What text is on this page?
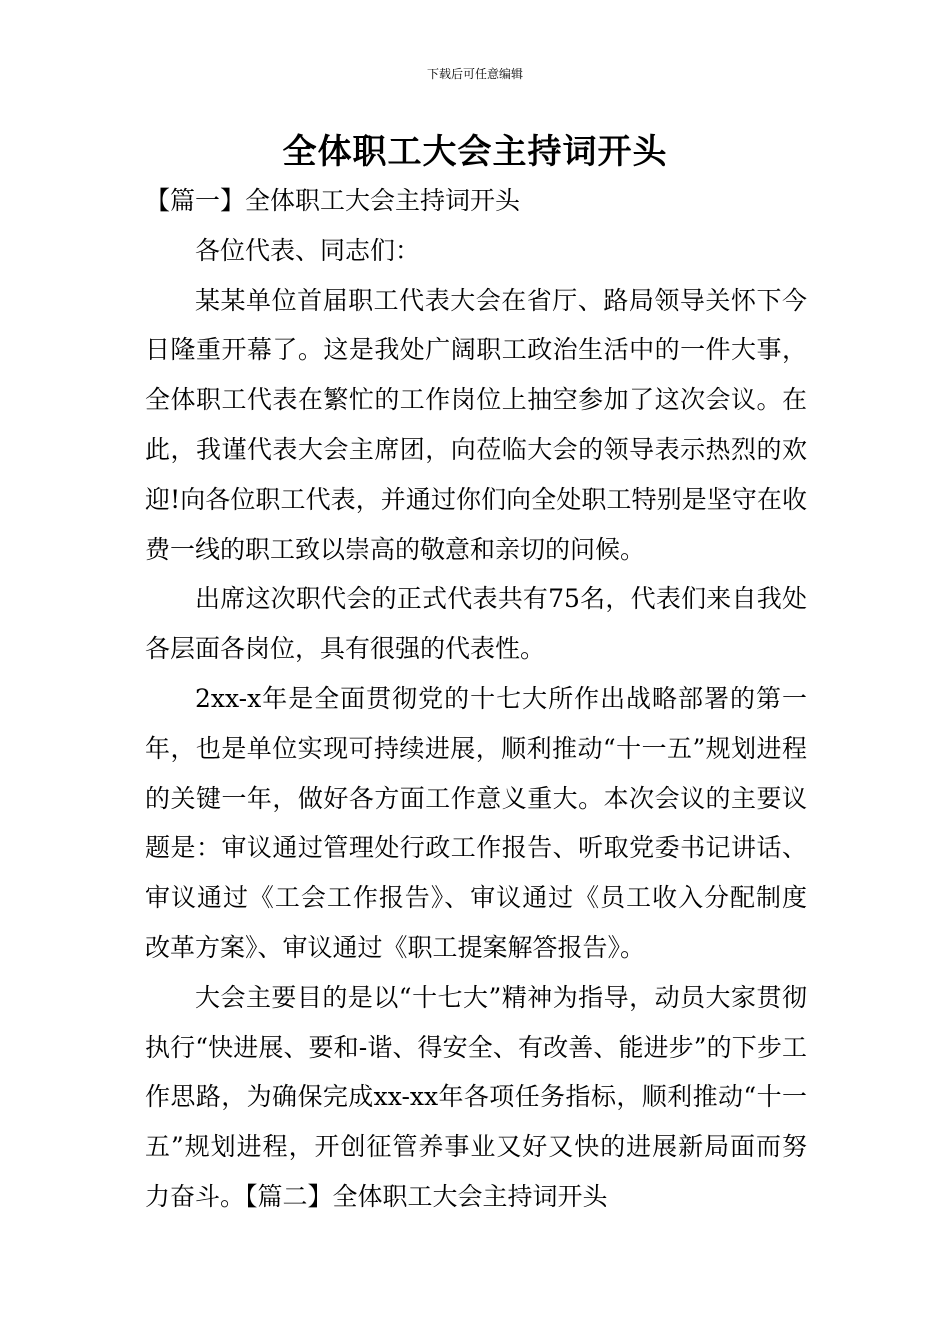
下载后可任意编辑
全体职工大会主持词开头

【篇一】全体职工大会主持词开头

各位代表、同志们：

某某单位首届职工代表大会在省厅、路局领导关怀下今日隆重开幕了。这是我处广阔职工政治生活中的一件大事，全体职工代表在繁忙的工作岗位上抽空参加了这次会议。在此，我谨代表大会主席团，向莅临大会的领导表示热烈的欢迎!向各位职工代表，并通过你们向全处职工特别是坚守在收费一线的职工致以崇高的敬意和亲切的问候。

出席这次职代会的正式代表共有75名，代表们来自我处各层面各岗位，具有很强的代表性。

2xx-x年是全面贯彻党的十七大所作出战略部署的第一年，也是单位实现可持续进展，顺利推动“十一五”规划进程的关键一年，做好各方面工作意义重大。本次会议的主要议题是：审议通过管理处行政工作报告、听取党委书记讲话、审议通过《工会工作报告》、审议通过《员工收入分配制度改革方案》、审议通过《职工提案解答报告》。

大会主要目的是以“十七大”精神为指导，动员大家贯彻执行“快进展、要和-谐、得安全、有改善、能进步”的下步工作思路，为确保完成xx-xx年各项任务指标，顺利推动“十一五”规划进程，开创征管养事业又好又快的进展新局面而努力奋斗。【篇二】全体职工大会主持词开头
